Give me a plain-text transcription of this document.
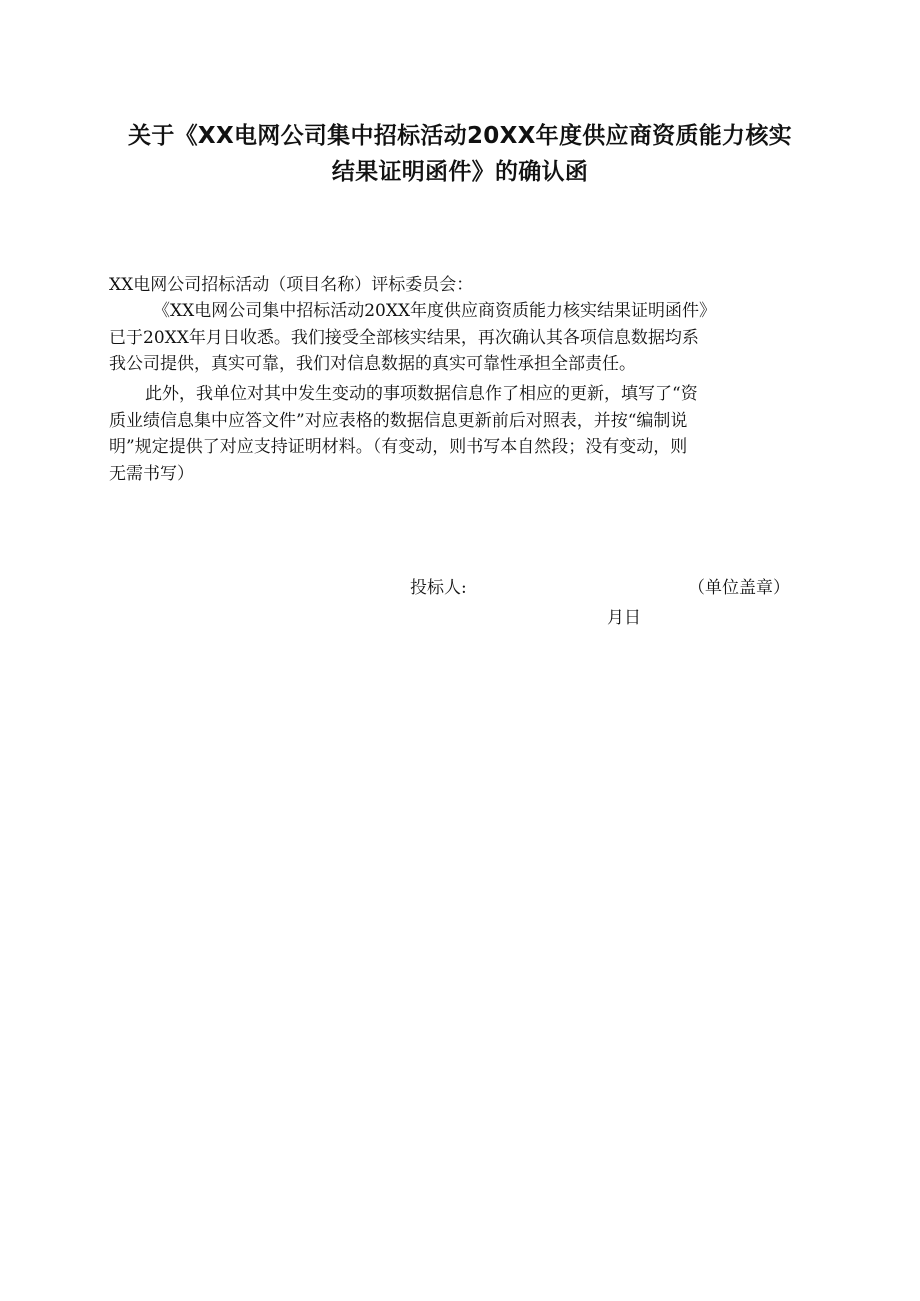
关于《XX电网公司集中招标活动20XX年度供应商资质能力核实
结果证明函件》的确认函
XX电网公司招标活动（项目名称）评标委员会：
《XX电网公司集中招标活动20XX年度供应商资质能力核实结果证明函件》
已于20XX年月日收悉。我们接受全部核实结果，再次确认其各项信息数据均系
我公司提供，真实可靠，我们对信息数据的真实可靠性承担全部责任。
此外，我单位对其中发生变动的事项数据信息作了相应的更新，填写了“资
质业绩信息集中应答文件”对应表格的数据信息更新前后对照表，并按“编制说
明”规定提供了对应支持证明材料。（有变动，则书写本自然段；没有变动，则
无需书写）
投标人:	（单位盖章）
月日
